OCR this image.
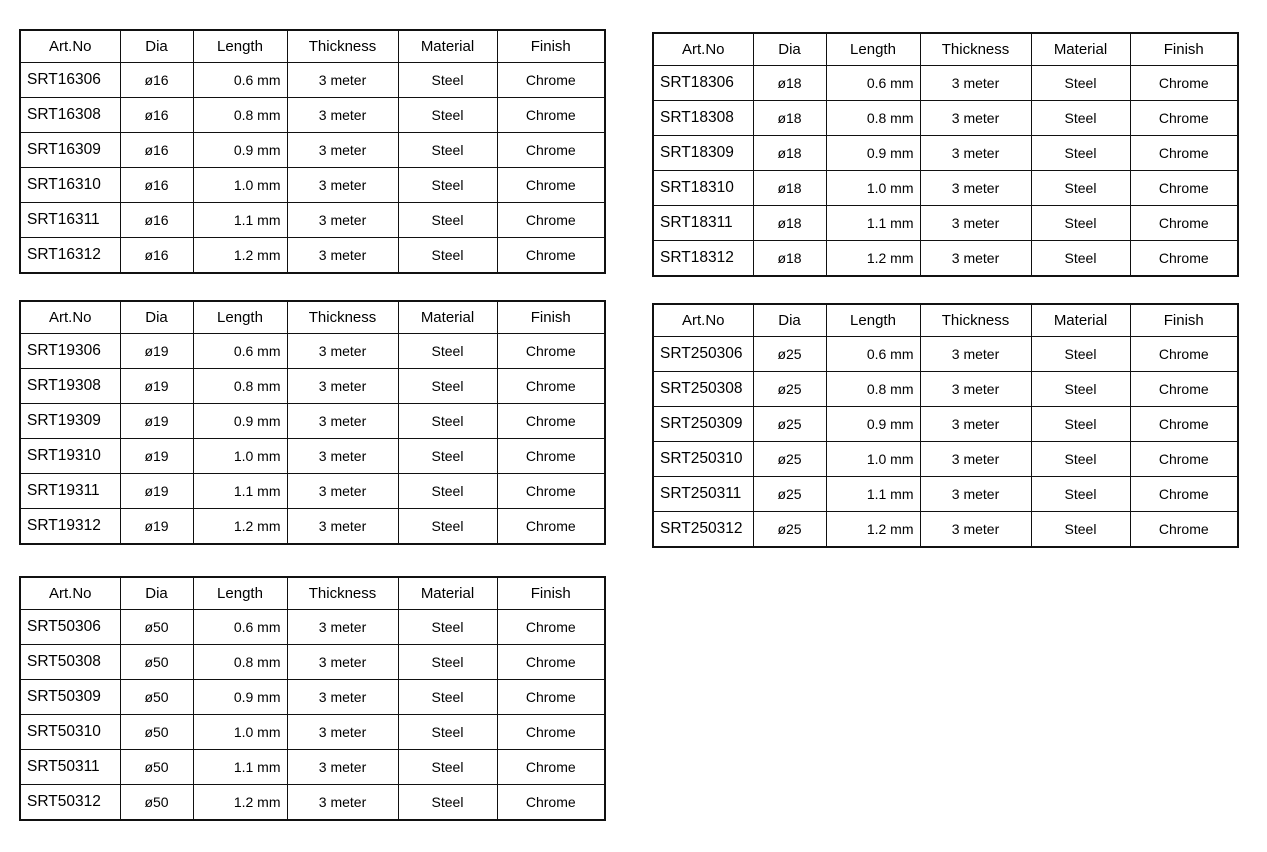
Art.No	Dia	Length	Thickness	Material	Finish
SRT16306	ø16	0.6 mm	3 meter	Steel	Chrome
SRT16308	ø16	0.8 mm	3 meter	Steel	Chrome
SRT16309	ø16	0.9 mm	3 meter	Steel	Chrome
SRT16310	ø16	1.0 mm	3 meter	Steel	Chrome
SRT16311	ø16	1.1 mm	3 meter	Steel	Chrome
SRT16312	ø16	1.2 mm	3 meter	Steel	Chrome
Art.No	Dia	Length	Thickness	Material	Finish
SRT19306	ø19	0.6 mm	3 meter	Steel	Chrome
SRT19308	ø19	0.8 mm	3 meter	Steel	Chrome
SRT19309	ø19	0.9 mm	3 meter	Steel	Chrome
SRT19310	ø19	1.0 mm	3 meter	Steel	Chrome
SRT19311	ø19	1.1 mm	3 meter	Steel	Chrome
SRT19312	ø19	1.2 mm	3 meter	Steel	Chrome
Art.No	Dia	Length	Thickness	Material	Finish
SRT50306	ø50	0.6 mm	3 meter	Steel	Chrome
SRT50308	ø50	0.8 mm	3 meter	Steel	Chrome
SRT50309	ø50	0.9 mm	3 meter	Steel	Chrome
SRT50310	ø50	1.0 mm	3 meter	Steel	Chrome
SRT50311	ø50	1.1 mm	3 meter	Steel	Chrome
SRT50312	ø50	1.2 mm	3 meter	Steel	Chrome
Art.No	Dia	Length	Thickness	Material	Finish
SRT18306	ø18	0.6 mm	3 meter	Steel	Chrome
SRT18308	ø18	0.8 mm	3 meter	Steel	Chrome
SRT18309	ø18	0.9 mm	3 meter	Steel	Chrome
SRT18310	ø18	1.0 mm	3 meter	Steel	Chrome
SRT18311	ø18	1.1 mm	3 meter	Steel	Chrome
SRT18312	ø18	1.2 mm	3 meter	Steel	Chrome
Art.No	Dia	Length	Thickness	Material	Finish
SRT250306	ø25	0.6 mm	3 meter	Steel	Chrome
SRT250308	ø25	0.8 mm	3 meter	Steel	Chrome
SRT250309	ø25	0.9 mm	3 meter	Steel	Chrome
SRT250310	ø25	1.0 mm	3 meter	Steel	Chrome
SRT250311	ø25	1.1 mm	3 meter	Steel	Chrome
SRT250312	ø25	1.2 mm	3 meter	Steel	Chrome
